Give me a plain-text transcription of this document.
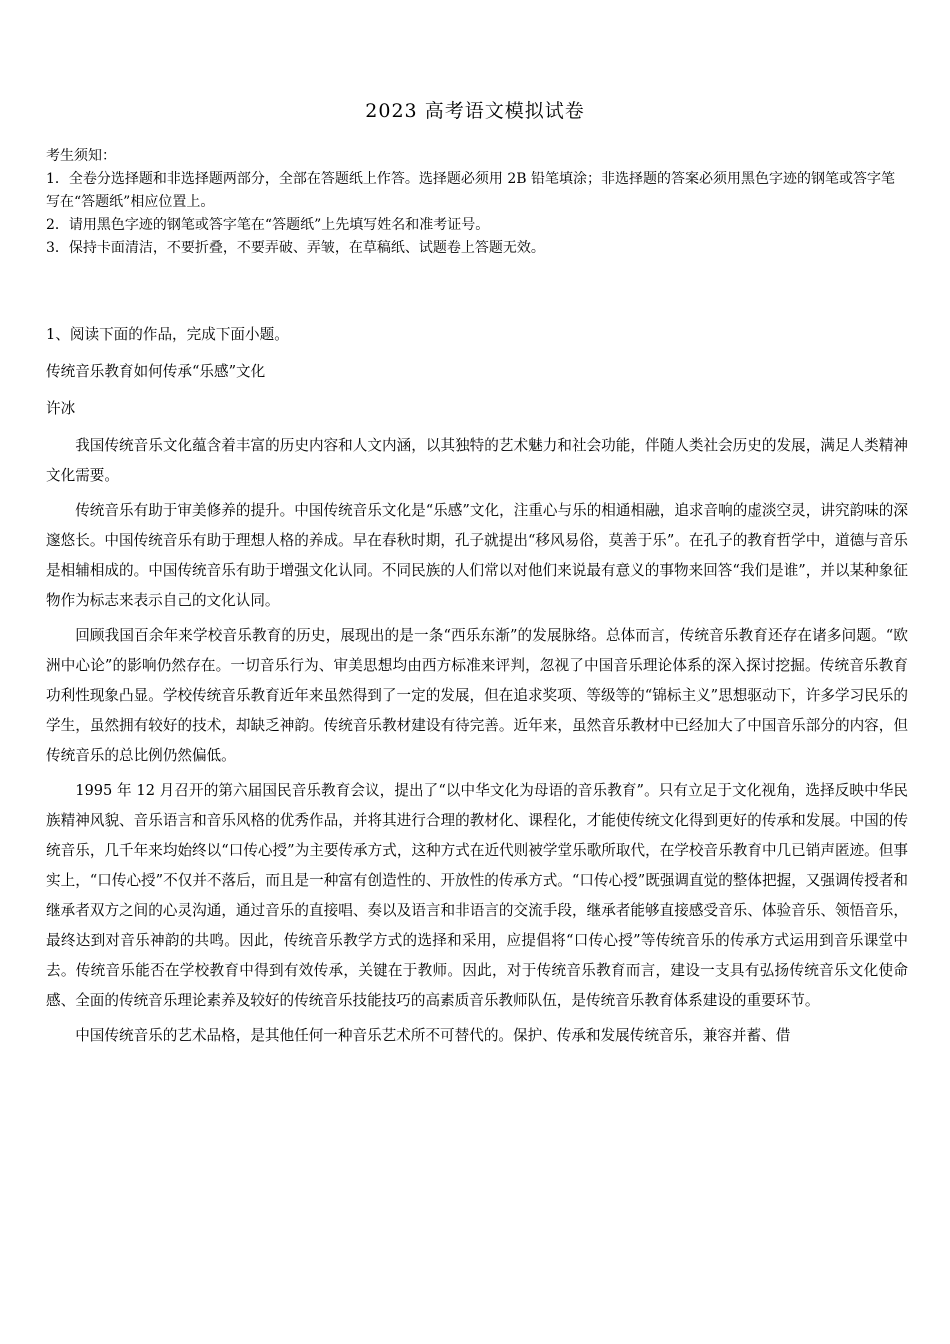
2023 高考语文模拟试卷

考生须知：

1．全卷分选择题和非选择题两部分，全部在答题纸上作答。选择题必须用 2B 铅笔填涂；非选择题的答案必须用黑色字迹的钢笔或答字笔写在“答题纸”相应位置上。

2．请用黑色字迹的钢笔或答字笔在“答题纸”上先填写姓名和准考证号。

3．保持卡面清洁，不要折叠，不要弄破、弄皱，在草稿纸、试题卷上答题无效。

1、阅读下面的作品，完成下面小题。

传统音乐教育如何传承“乐感”文化

许冰

我国传统音乐文化蕴含着丰富的历史内容和人文内涵，以其独特的艺术魅力和社会功能，伴随人类社会历史的发展，满足人类精神文化需要。

传统音乐有助于审美修养的提升。中国传统音乐文化是“乐感”文化，注重心与乐的相通相融，追求音响的虚淡空灵，讲究韵味的深邃悠长。中国传统音乐有助于理想人格的养成。早在春秋时期，孔子就提出“移风易俗，莫善于乐”。在孔子的教育哲学中，道德与音乐是相辅相成的。中国传统音乐有助于增强文化认同。不同民族的人们常以对他们来说最有意义的事物来回答“我们是谁”，并以某种象征物作为标志来表示自己的文化认同。

回顾我国百余年来学校音乐教育的历史，展现出的是一条“西乐东渐”的发展脉络。总体而言，传统音乐教育还存在诸多问题。“欧洲中心论”的影响仍然存在。一切音乐行为、审美思想均由西方标准来评判，忽视了中国音乐理论体系的深入探讨挖掘。传统音乐教育功利性现象凸显。学校传统音乐教育近年来虽然得到了一定的发展，但在追求奖项、等级等的“锦标主义”思想驱动下，许多学习民乐的学生，虽然拥有较好的技术，却缺乏神韵。传统音乐教材建设有待完善。近年来，虽然音乐教材中已经加大了中国音乐部分的内容，但传统音乐的总比例仍然偏低。

1995 年 12 月召开的第六届国民音乐教育会议，提出了“以中华文化为母语的音乐教育”。只有立足于文化视角，选择反映中华民族精神风貌、音乐语言和音乐风格的优秀作品，并将其进行合理的教材化、课程化，才能使传统文化得到更好的传承和发展。中国的传统音乐，几千年来均始终以“口传心授”为主要传承方式，这种方式在近代则被学堂乐歌所取代，在学校音乐教育中几已销声匿迹。但事实上，“口传心授”不仅并不落后，而且是一种富有创造性的、开放性的传承方式。“口传心授”既强调直觉的整体把握，又强调传授者和继承者双方之间的心灵沟通，通过音乐的直接唱、奏以及语言和非语言的交流手段，继承者能够直接感受音乐、体验音乐、领悟音乐，最终达到对音乐神韵的共鸣。因此，传统音乐教学方式的选择和采用，应提倡将“口传心授”等传统音乐的传承方式运用到音乐课堂中去。传统音乐能否在学校教育中得到有效传承，关键在于教师。因此，对于传统音乐教育而言，建设一支具有弘扬传统音乐文化使命感、全面的传统音乐理论素养及较好的传统音乐技能技巧的高素质音乐教师队伍，是传统音乐教育体系建设的重要环节。

中国传统音乐的艺术品格，是其他任何一种音乐艺术所不可替代的。保护、传承和发展传统音乐，兼容并蓄、借
